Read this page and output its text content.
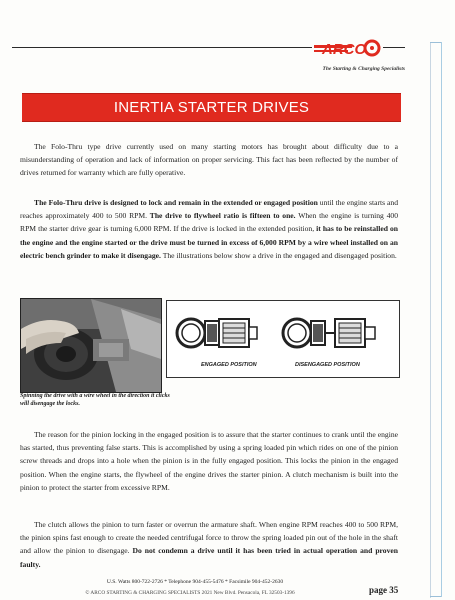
ARCO
The Starting & Charging Specialists
INERTIA STARTER DRIVES
The Folo-Thru type drive currently used on many starting motors has brought about difficulty due to a misunderstanding of operation and lack of information on proper servicing. This fact has been reflected by the number of drives returned for warranty which are fully operative.
The Folo-Thru drive is designed to lock and remain in the extended or engaged position until the engine starts and reaches approximately 400 to 500 RPM. The drive to flywheel ratio is fifteen to one. When the engine is turning 400 RPM the starter drive gear is turning 6,000 RPM. If the drive is locked in the extended position, it has to be reinstalled on the engine and the engine started or the drive must be turned in excess of 6,000 RPM by a wire wheel installed on an electric bench grinder to make it disengage. The illustrations below show a drive in the engaged and disengaged position.
Spinning the drive with a wire wheel in the direction it clicks will disengage the locks.
ENGAGED POSITION	DISENGAGED POSITION
The reason for the pinion locking in the engaged position is to assure that the starter continues to crank until the engine has started, thus preventing false starts. This is accomplished by using a spring loaded pin which rides on one of the pinion screw threads and drops into a hole when the pinion is in the fully engaged position. This locks the pinion in the engaged position. When the engine starts, the flywheel of the engine drives the starter pinion. A clutch mechanism is built into the pinion to protect the starter from excessive RPM.
The clutch allows the pinion to turn faster or overrun the armature shaft. When engine RPM reaches 400 to 500 RPM, the pinion spins fast enough to create the needed centrifugal force to throw the spring loaded pin out of the hole in the shaft and allow the pinion to disengage. Do not condemn a drive until it has been tried in actual operation and proven faulty.
U.S. Watts 800-722-2726 * Telephone 904-455-5476 * Facsimile 904-452-2630
© ARCO STARTING & CHARGING SPECIALISTS 2021 New Blvd. Pensacola, FL 32503-1396	page 35
